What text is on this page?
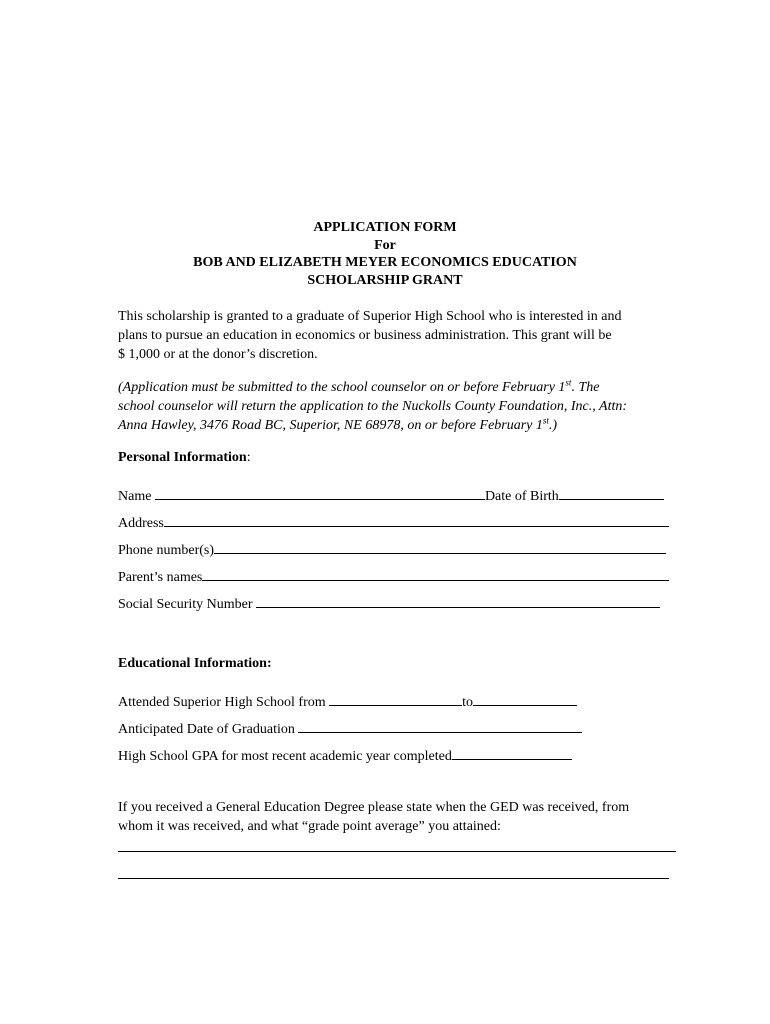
APPLICATION FORM
For
BOB AND ELIZABETH MEYER ECONOMICS EDUCATION
SCHOLARSHIP GRANT
This scholarship is granted to a graduate of Superior High School who is interested in and
plans to pursue an education in economics or business administration. This grant will be
$ 1,000 or at the donor’s discretion.
(Application must be submitted to the school counselor on or before February 1st. The
school counselor will return the application to the Nuckolls County Foundation, Inc., Attn:
Anna Hawley, 3476 Road BC, Superior, NE 68978, on or before February 1st.)
Personal Information:
Name	Date of Birth
Address
Phone number(s)
Parent’s names
Social Security Number
Educational Information:
Attended Superior High School from	to
Anticipated Date of Graduation
High School GPA for most recent academic year completed
If you received a General Education Degree please state when the GED was received, from
whom it was received, and what “grade point average” you attained:
